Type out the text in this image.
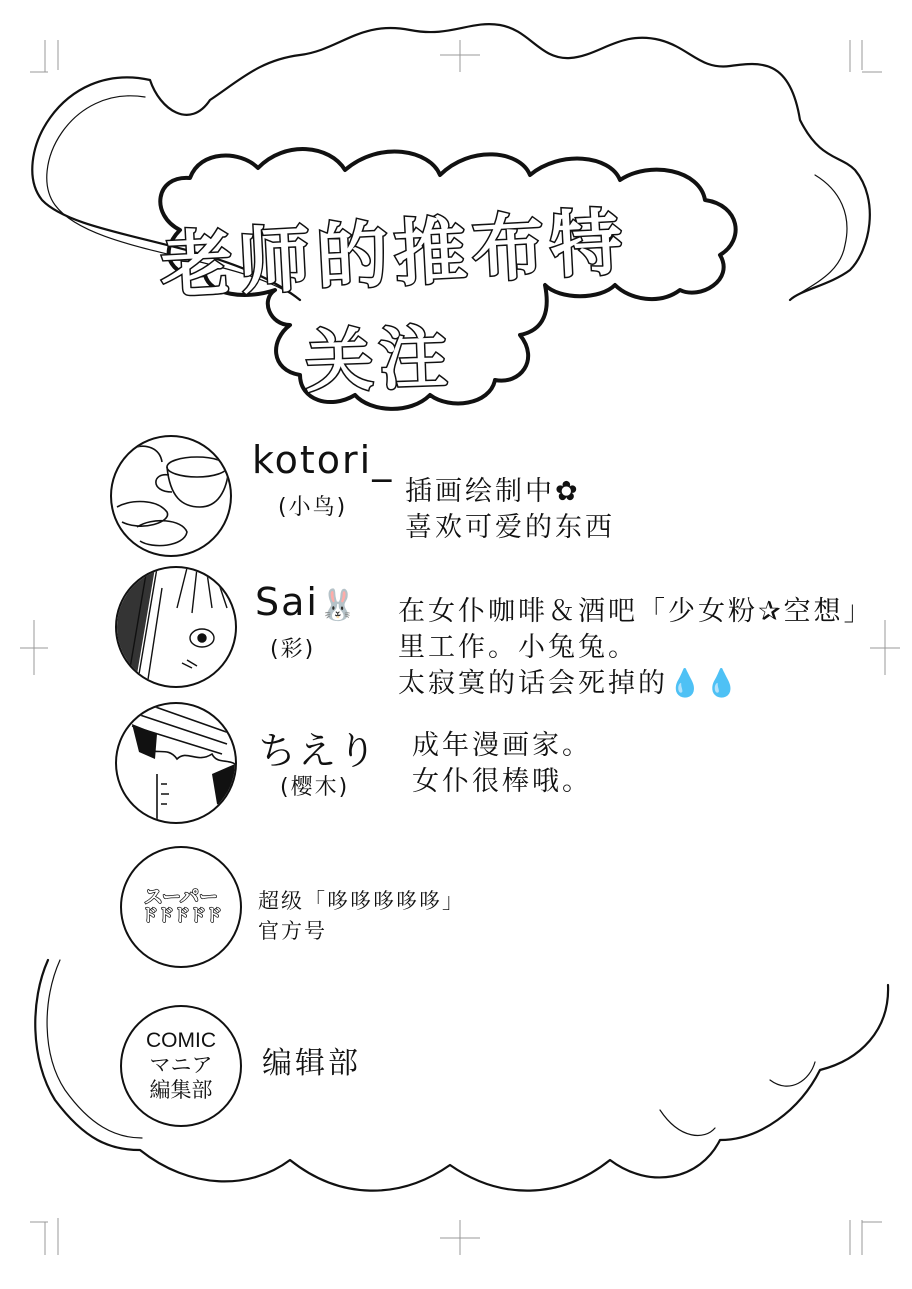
老师的推布特
关注
kotori_
(小鸟)
插画绘制中✿
喜欢可爱的东西
Sai🐰
(彩)
在女仆咖啡＆酒吧「少女粉✰空想」
里工作。小兔兔。
太寂寞的话会死掉的💧💧
ちえり
(樱木)
成年漫画家。
女仆很棒哦。
スーパー
ドドドドド
超级「哆哆哆哆哆」
官方号
COMIC
マニア
編集部
编辑部
